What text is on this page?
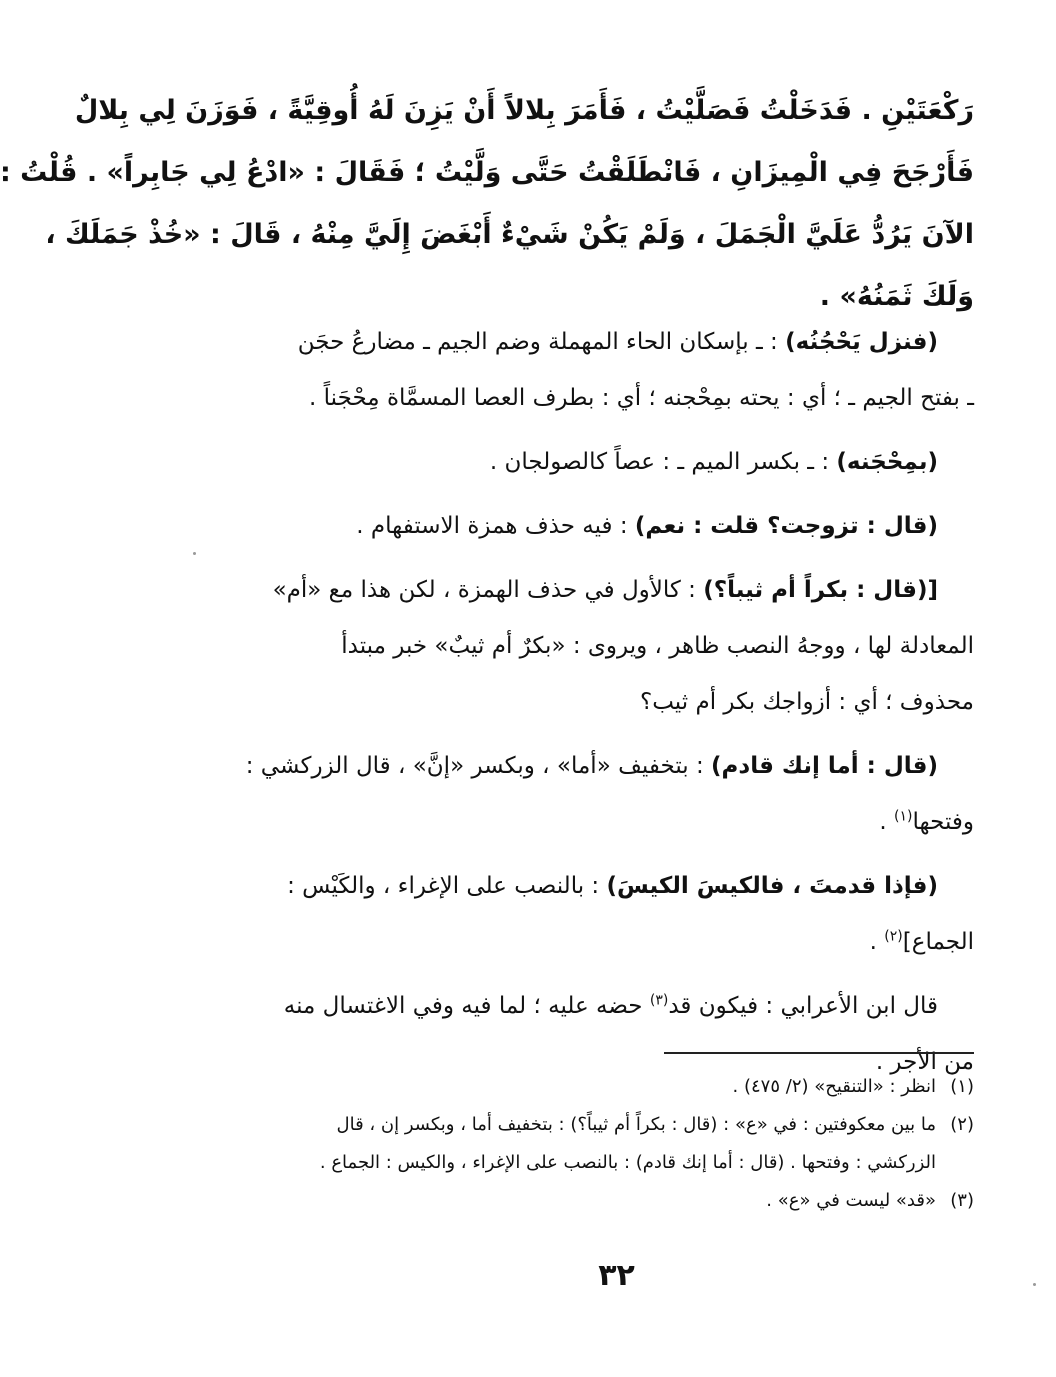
رَكْعَتَيْنِ . فَدَخَلْتُ فَصَلَّيْتُ ، فَأَمَرَ بِلالاً أَنْ يَزِنَ لَهُ أُوقِيَّةً ، فَوَزَنَ لِي بِلالٌ
فَأَرْجَحَ فِي الْمِيزَانِ ، فَانْطَلَقْتُ حَتَّى وَلَّيْتُ ؛ فَقَالَ : «ادْعُ لِي جَابِراً» . قُلْتُ :
الآنَ يَرُدُّ عَلَيَّ الْجَمَلَ ، وَلَمْ يَكُنْ شَيْءٌ أَبْغَضَ إِلَيَّ مِنْهُ ، قَالَ : «خُذْ جَمَلَكَ ،
وَلَكَ ثَمَنُهُ» .
(فنزل يَحْجُنُه) : ـ بإسكان الحاء المهملة وضم الجيم ـ مضارعُ حجَن
ـ بفتح الجيم ـ ؛ أي : يحته بمِحْجنه ؛ أي : بطرف العصا المسمَّاة مِحْجَناً .
(بمِحْجَنه) : ـ بكسر الميم ـ : عصاً كالصولجان .
(قال : تزوجت؟ قلت : نعم) : فيه حذف همزة الاستفهام .
[(قال : بكراً أم ثيباً؟) : كالأول في حذف الهمزة ، لكن هذا مع «أم»
المعادلة لها ، ووجهُ النصب ظاهر ، ويروى : «بكرٌ أم ثيبٌ» خبر مبتدأ
محذوف ؛ أي : أزواجك بكر أم ثيب؟
(قال : أما إنك قادم) : بتخفيف «أما» ، وبكسر «إنَّ» ، قال الزركشي :
وفتحها$^{(١)}$ .
(فإذا قدمتَ ، فالكيسَ الكيسَ) : بالنصب على الإغراء ، والكَيْس :
الجماع]$^{(٢)}$ .
قال ابن الأعرابي : فيكون قد$^{(٣)}$ حضه عليه ؛ لما فيه وفي الاغتسال منه
من الأجر .
(١)انظر : «التنقيح» (٢/ ٤٧٥) .
(٢)ما بين معكوفتين : في «ع» : (قال : بكراً أم ثيباً؟) : بتخفيف أما ، وبكسر إن ، قال
الزركشي : وفتحها . (قال : أما إنك قادم) : بالنصب على الإغراء ، والكيس : الجماع .
(٣)«قد» ليست في «ع» .
٣٢
